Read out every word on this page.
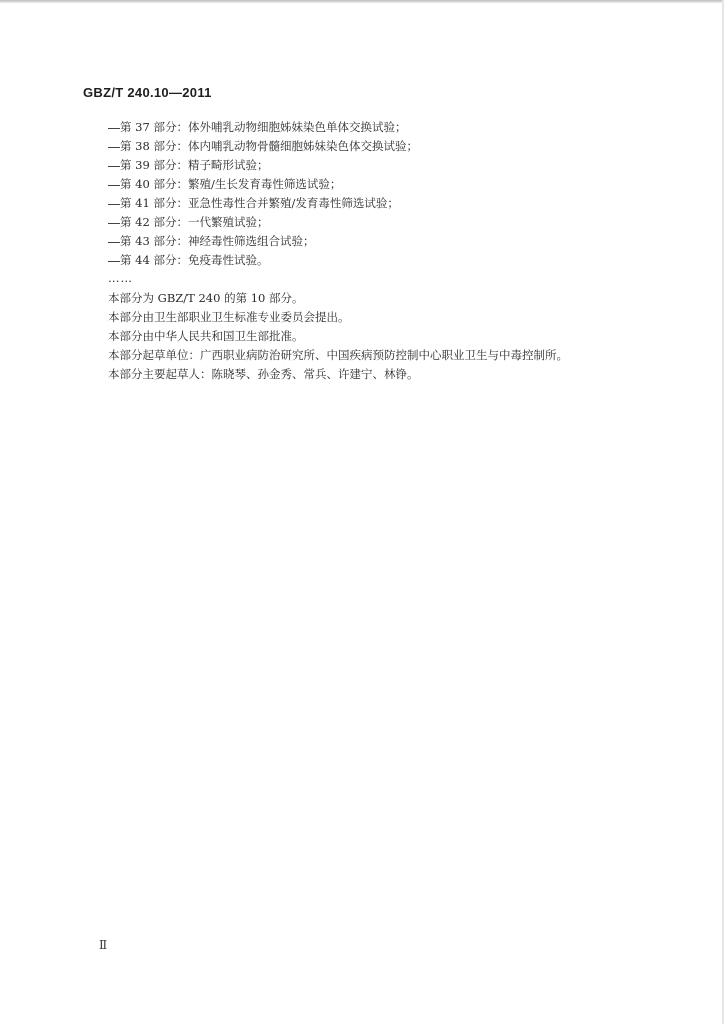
GBZ/T 240.10—2011
第 37 部分：体外哺乳动物细胞姊妹染色单体交换试验；
第 38 部分：体内哺乳动物骨髓细胞姊妹染色体交换试验；
第 39 部分：精子畸形试验；
第 40 部分：繁殖/生长发育毒性筛选试验；
第 41 部分：亚急性毒性合并繁殖/发育毒性筛选试验；
第 42 部分：一代繁殖试验；
第 43 部分：神经毒性筛选组合试验；
第 44 部分：免疫毒性试验。
……
本部分为 GBZ/T 240 的第 10 部分。
本部分由卫生部职业卫生标准专业委员会提出。
本部分由中华人民共和国卫生部批准。
本部分起草单位：广西职业病防治研究所、中国疾病预防控制中心职业卫生与中毒控制所。
本部分主要起草人：陈晓琴、孙金秀、常兵、许建宁、林铮。
Ⅱ
